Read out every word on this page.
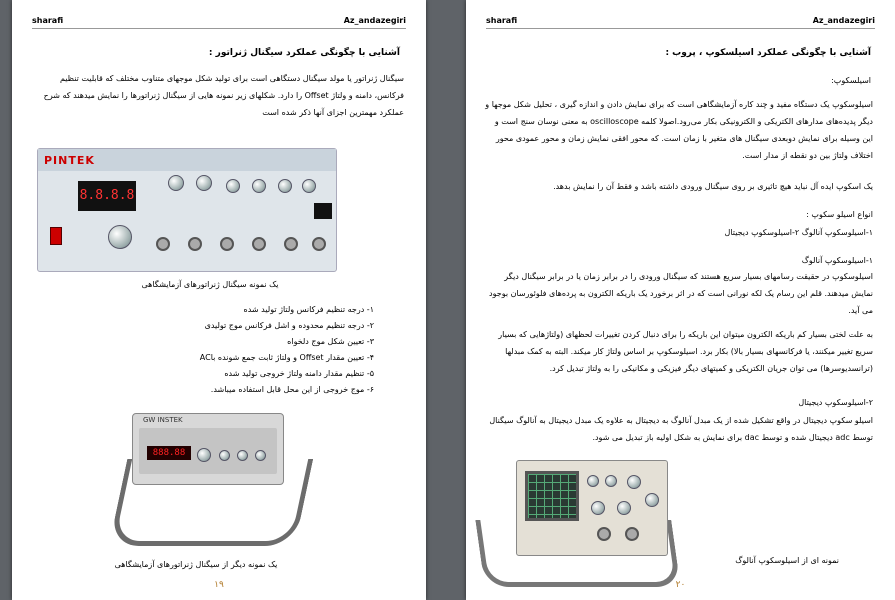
sharafi	Az_andazegiri
آشنایی با چگونگی عملکرد سیگنال ژنراتور :
سیگنال ژنراتور یا مولد سیگنال دستگاهی است برای تولید شکل موجهای متناوب مختلف که قابلیت تنظیم فرکانس، دامنه و ولتاژ Offset را دارد. شکلهای زیر نمونه هایی از سیگنال ژنراتورها را نمایش میدهند که شرح عملکرد مهمترین اجزای آنها ذکر شده است
PINTEK
8.8.8.8
یک نمونه سیگنال ژنراتورهای آزمایشگاهی
۱- درجه تنظیم فرکانس ولتاژ تولید شده
۲- درجه تنظیم محدوده و اشل فرکانس موج تولیدی
۳- تعیین شکل موج دلخواه
۴- تعیین مقدار Offset و ولتاژ ثابت جمع شونده باAC
۵- تنظیم مقدار دامنه ولتاژ خروجی تولید شده
۶- موج خروجی از این محل قابل استفاده میباشد.
GW INSTEK
888.88
یک نمونه دیگر از سیگنال ژنراتورهای آزمایشگاهی
۱۹
sharafi	Az_andazegiri
آشنایی با چگونگی عملکرد اسیلسکوپ ، پروب :
اسیلسکوپ:
اسیلوسکوپ یک دستگاه مفید و چند کاره آزمایشگاهی است که برای نمایش دادن و اندازه گیری ، تحلیل شکل موجها و دیگر پدیده‌های مدارهای الکتریکی و الکترونیکی بکار می‌رود.اصولا کلمه oscilloscope به معنی نوسان سنج است و این وسیله برای نمایش دوبعدی سیگنال های متغیر با زمان است. که محور افقی نمایش زمان و محور عمودی محور اختلاف ولتاژ بین دو نقطه از مدار است.
یک اسکوپ ایده آل نباید هیچ تاثیری بر روی سیگنال ورودی داشته باشد و فقط آن را نمایش بدهد.
انواع اسیلو سکوپ :
۱-اسیلوسکوپ آنالوگ ۲-اسیلوسکوپ دیجیتال
۱-اسیلوسکوپ آنالوگ
اسیلوسکوپ در حقیقت رسامهای بسیار سریع هستند که سیگنال ورودی را در برابر زمان یا در برابر سیگنال دیگر نمایش میدهند. قلم این رسام یک لکه نورانی است که در اثر برخورد یک باریکه الکترون به پرده‌های فلوئورسان بوجود می آید.
به علت لختی بسیار کم باریکه الکترون میتوان این باریکه را برای دنبال کردن تغییرات لحظهای (ولتاژهایی که بسیار سریع تغییر میکنند، یا فرکانسهای بسیار بالا) بکار برد. اسیلوسکوپ بر اساس ولتاژ کار میکند. البته به کمک مبدلها (ترانسدیوسرها) می توان جریان الکتریکی و کمیتهای دیگر فیزیکی و مکانیکی را به ولتاژ تبدیل کرد.
۲-اسیلوسکوپ دیجیتال
اسیلو سکوپ دیجیتال در واقع تشکیل شده از یک مبدل آنالوگ به دیجیتال به علاوه یک مبدل دیجیتال به آنالوگ سیگنال توسط adc دیجیتال شده و توسط dac برای نمایش به شکل اولیه باز تبدیل می شود.
نمونه ای از اسیلوسکوپ آنالوگ
۲۰
